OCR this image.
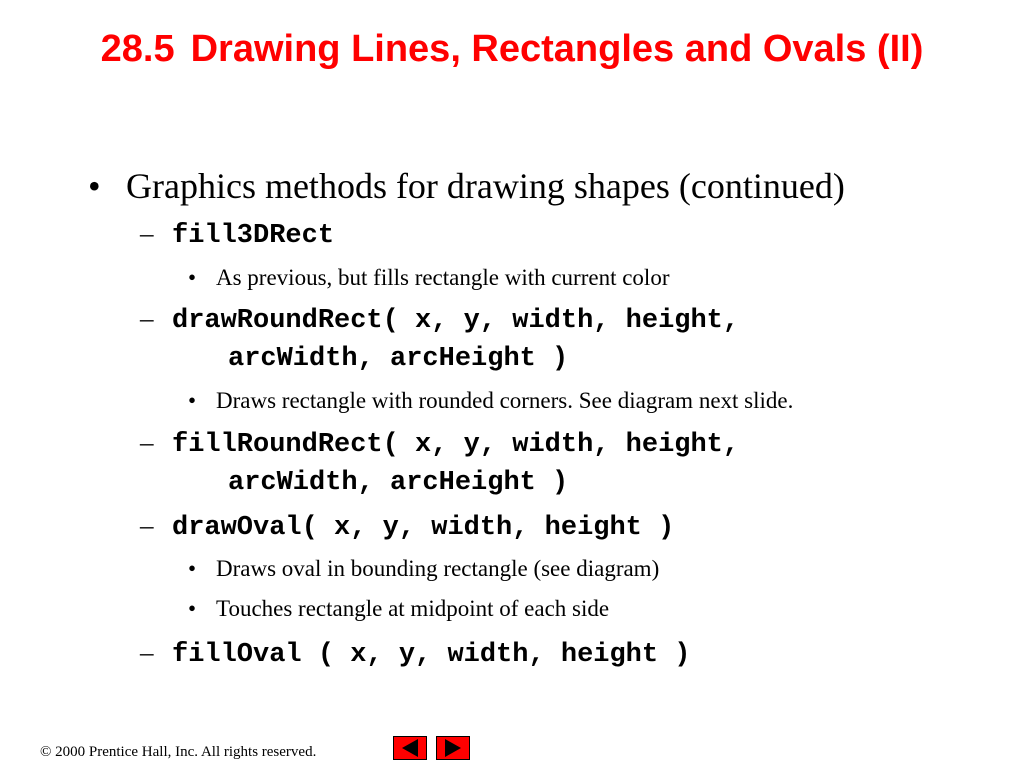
28.5 Drawing Lines, Rectangles and Ovals (II)
• Graphics methods for drawing shapes (continued)
– fill3DRect
• As previous, but fills rectangle with current color
– drawRoundRect( x, y, width, height,
arcWidth, arcHeight )
• Draws rectangle with rounded corners. See diagram next slide.
– fillRoundRect( x, y, width, height,
arcWidth, arcHeight )
– drawOval( x, y, width, height )
• Draws oval in bounding rectangle (see diagram)
• Touches rectangle at midpoint of each side
– fillOval ( x, y, width, height )
© 2000 Prentice Hall, Inc. All rights reserved.
